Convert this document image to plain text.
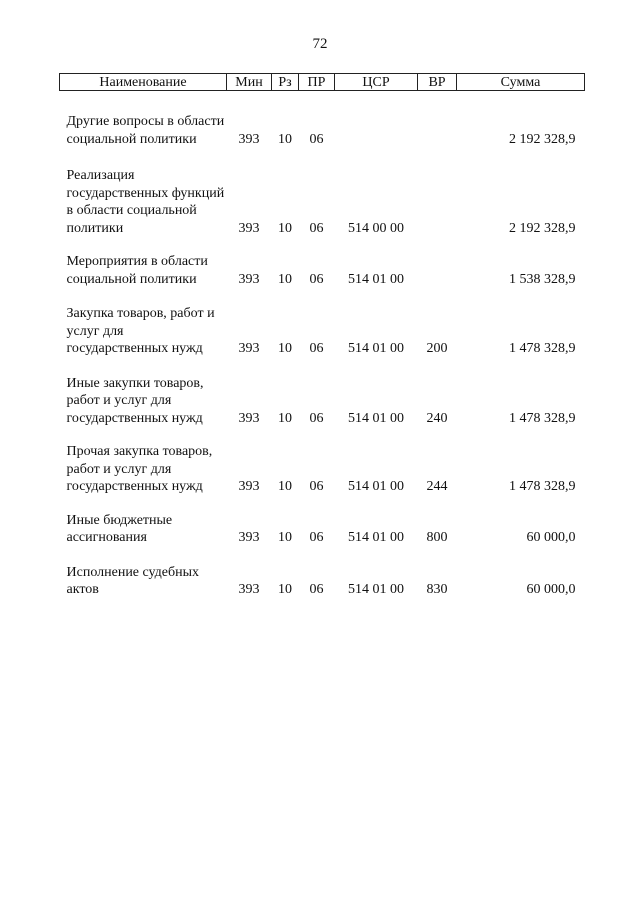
72
Наименование	Мин	Рз	ПР	ЦСР	ВР	Сумма
Другие вопросы в области социальной политики	393	10	06			2 192 328,9
Реализация государственных функций в области социальной политики	393	10	06	514 00 00		2 192 328,9
Мероприятия в области социальной политики	393	10	06	514 01 00		1 538 328,9
Закупка товаров, работ и услуг для государственных нужд	393	10	06	514 01 00	200	1 478 328,9
Иные закупки товаров, работ и услуг для государственных нужд	393	10	06	514 01 00	240	1 478 328,9
Прочая закупка товаров, работ и услуг для государственных нужд	393	10	06	514 01 00	244	1 478 328,9
Иные бюджетные ассигнования	393	10	06	514 01 00	800	60 000,0
Исполнение судебных актов	393	10	06	514 01 00	830	60 000,0
